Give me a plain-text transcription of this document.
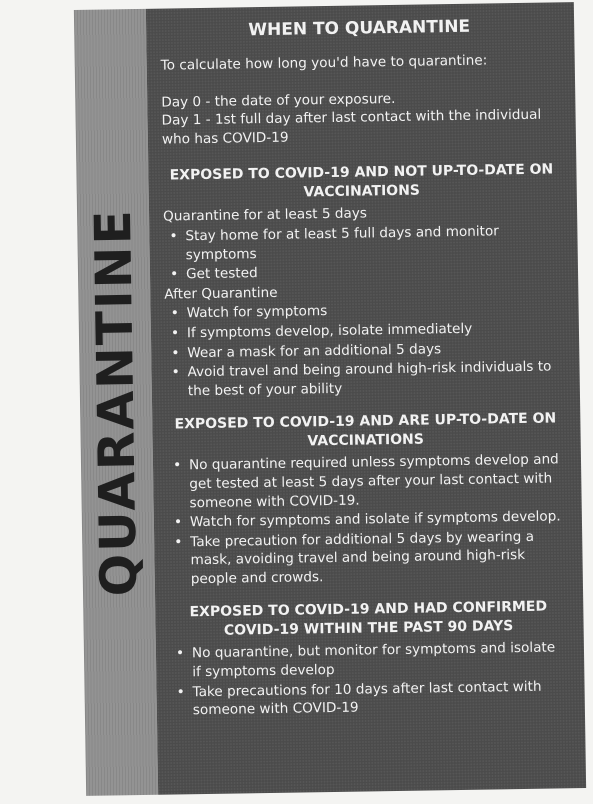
QUARANTINE
WHEN TO QUARANTINE

To calculate how long you'd have to quarantine:

Day 0 - the date of your exposure.

Day 1 - 1st full day after last contact with the individual who has COVID-19

EXPOSED TO COVID-19 AND NOT UP-TO-DATE ON VACCINATIONS

Quarantine for at least 5 days

• Stay home for at least 5 full days and monitor symptoms
• Get tested

After Quarantine

• Watch for symptoms
• If symptoms develop, isolate immediately
• Wear a mask for an additional 5 days
• Avoid travel and being around high-risk individuals to the best of your ability
EXPOSED TO COVID-19 AND ARE UP-TO-DATE ON VACCINATIONS
• No quarantine required unless symptoms develop and get tested at least 5 days after your last contact with someone with COVID-19.
• Watch for symptoms and isolate if symptoms develop.
• Take precaution for additional 5 days by wearing a mask, avoiding travel and being around high-risk people and crowds.
EXPOSED TO COVID-19 AND HAD CONFIRMED COVID-19 WITHIN THE PAST 90 DAYS
• No quarantine, but monitor for symptoms and isolate if symptoms develop
• Take precautions for 10 days after last contact with someone with COVID-19
